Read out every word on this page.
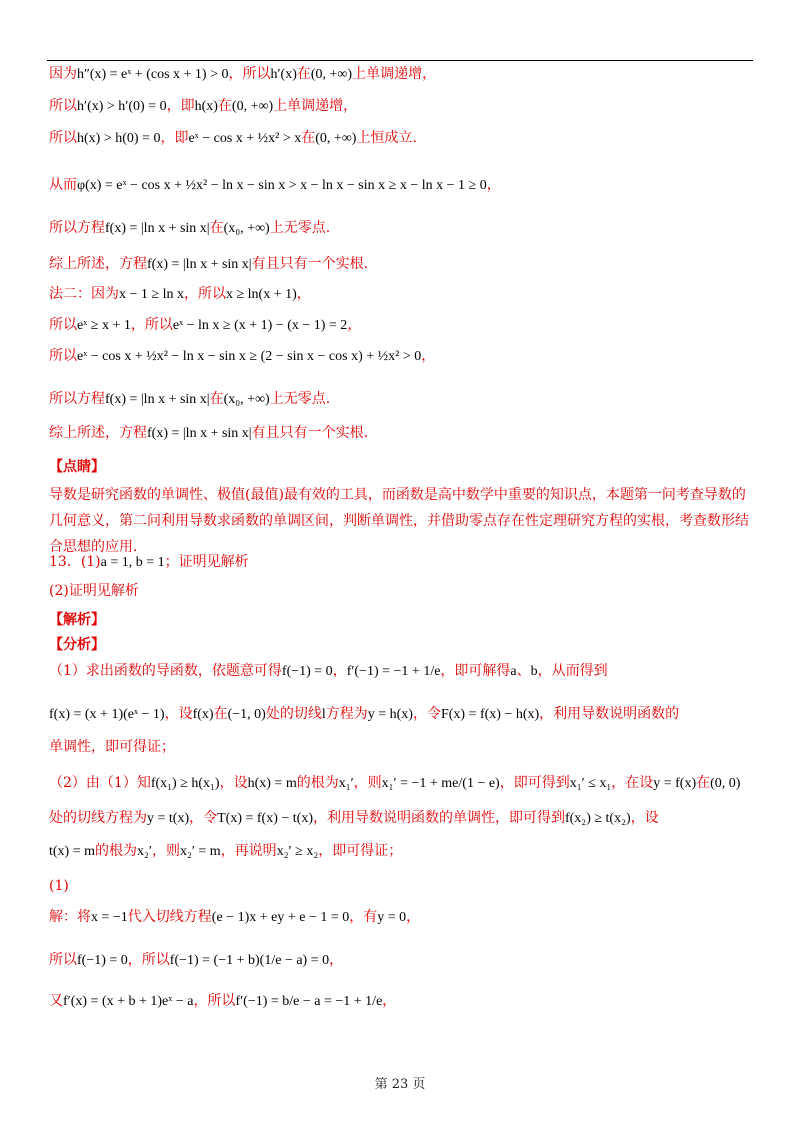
因为h″(x) = eˣ + (cos x + 1) > 0，所以h′(x)在(0, +∞)上单调递增，
所以h′(x) > h′(0) = 0，即h(x)在(0, +∞)上单调递增，
所以h(x) > h(0) = 0，即eˣ − cos x + ½x² > x在(0, +∞)上恒成立.
从而φ(x) = eˣ − cos x + ½x² − ln x − sin x > x − ln x − sin x ≥ x − ln x − 1 ≥ 0，
所以方程f(x) = |ln x + sin x|在(x₀, +∞)上无零点.
综上所述，方程f(x) = |ln x + sin x|有且只有一个实根.
法二：因为x − 1 ≥ ln x，所以x ≥ ln(x + 1)，
所以eˣ ≥ x + 1，所以eˣ − ln x ≥ (x + 1) − (x − 1) = 2，
所以eˣ − cos x + ½x² − ln x − sin x ≥ (2 − sin x − cos x) + ½x² > 0，
所以方程f(x) = |ln x + sin x|在(x₀, +∞)上无零点.
综上所述，方程f(x) = |ln x + sin x|有且只有一个实根.
【点睛】
导数是研究函数的单调性、极值(最值)最有效的工具，而函数是高中数学中重要的知识点，本题第一问考查导数的几何意义，第二问利用导数求函数的单调区间，判断单调性，并借助零点存在性定理研究方程的实根，考查数形结合思想的应用.
13．(1)a = 1, b = 1；证明见解析
(2)证明见解析
【解析】
【分析】
（1）求出函数的导函数，依题意可得f(−1) = 0，f′(−1) = −1 + 1/e，即可解得a、b，从而得到
f(x) = (x + 1)(eˣ − 1)，设f(x)在(−1, 0)处的切线l方程为y = h(x)，令F(x) = f(x) − h(x)，利用导数说明函数的
单调性，即可得证；
（2）由（1）知f(x₁) ≥ h(x₁)，设h(x) = m的根为x₁′，则x₁′ = −1 + me/(1 − e)，即可得到x₁′ ≤ x₁，在设y = f(x)在(0, 0)
处的切线方程为y = t(x)，令T(x) = f(x) − t(x)，利用导数说明函数的单调性，即可得到f(x₂) ≥ t(x₂)，设
t(x) = m的根为x₂′，则x₂′ = m，再说明x₂′ ≥ x₂，即可得证；
(1)
解：将x = −1代入切线方程(e − 1)x + ey + e − 1 = 0，有y = 0，
所以f(−1) = 0，所以f(−1) = (−1 + b)(1/e − a) = 0，
又f′(x) = (x + b + 1)eˣ − a，所以f′(−1) = b/e − a = −1 + 1/e，
第 23 页
